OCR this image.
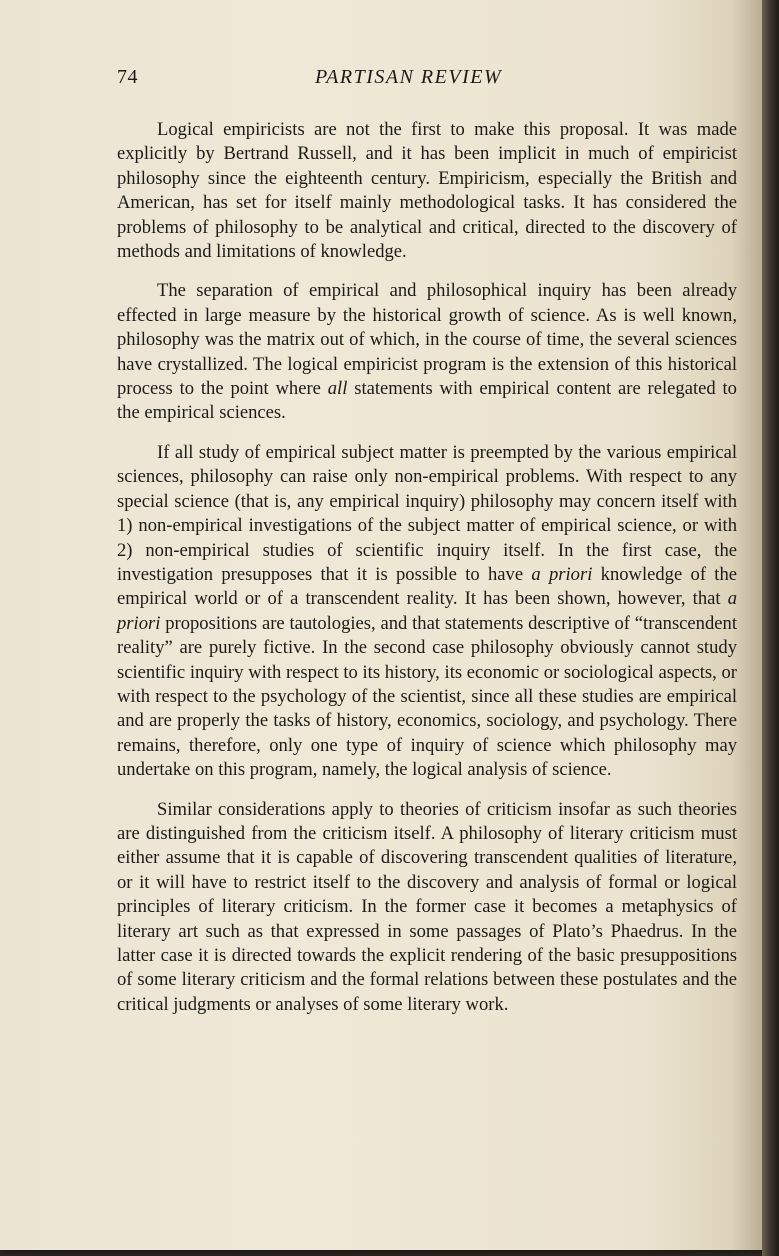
74	PARTISAN REVIEW

Logical empiricists are not the first to make this proposal. It was made explicitly by Bertrand Russell, and it has been implicit in much of empiricist philosophy since the eighteenth century. Empiricism, especially the British and American, has set for itself mainly methodological tasks. It has considered the problems of philosophy to be analytical and critical, directed to the discovery of methods and limitations of knowledge.

The separation of empirical and philosophical inquiry has been already effected in large measure by the historical growth of science. As is well known, philosophy was the matrix out of which, in the course of time, the several sciences have crystallized. The logical empiricist program is the extension of this historical process to the point where all statements with empirical content are relegated to the empirical sciences.

If all study of empirical subject matter is preempted by the various empirical sciences, philosophy can raise only non-empirical problems. With respect to any special science (that is, any empirical inquiry) philosophy may concern itself with 1) non-empirical investigations of the subject matter of empirical science, or with 2) non-empirical studies of scientific inquiry itself. In the first case, the investigation presupposes that it is possible to have a priori knowledge of the empirical world or of a transcendent reality. It has been shown, however, that a priori propositions are tautologies, and that statements descriptive of “transcendent reality” are purely fictive. In the second case philosophy obviously cannot study scientific inquiry with respect to its history, its economic or sociological aspects, or with respect to the psychology of the scientist, since all these studies are empirical and are properly the tasks of history, economics, sociology, and psychology. There remains, therefore, only one type of inquiry of science which philosophy may undertake on this program, namely, the logical analysis of science.

Similar considerations apply to theories of criticism insofar as such theories are distinguished from the criticism itself. A philosophy of literary criticism must either assume that it is capable of discovering transcendent qualities of literature, or it will have to restrict itself to the discovery and analysis of formal or logical principles of literary criticism. In the former case it becomes a metaphysics of literary art such as that expressed in some passages of Plato’s Phaedrus. In the latter case it is directed towards the explicit rendering of the basic presuppositions of some literary criticism and the formal relations between these postulates and the critical judgments or analyses of some literary work.
